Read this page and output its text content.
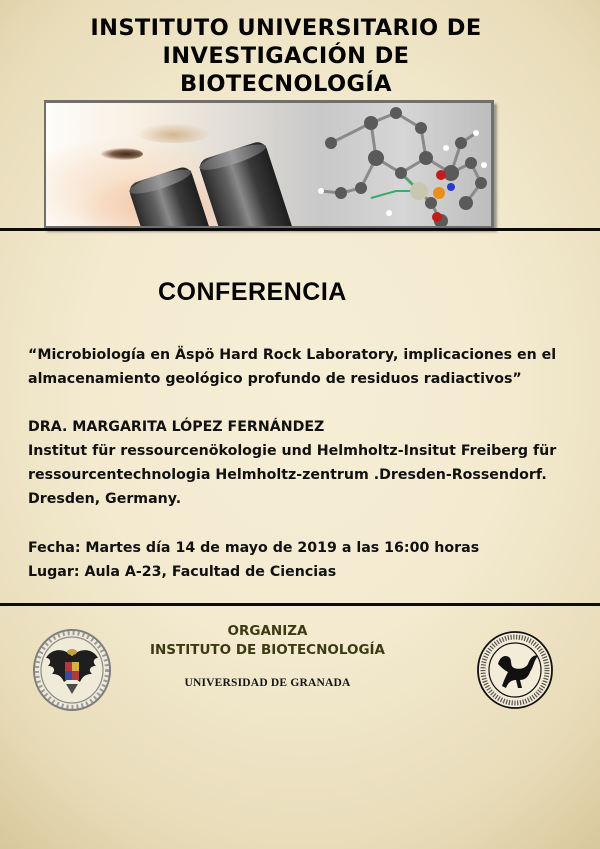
INSTITUTO UNIVERSITARIO DE
INVESTIGACIÓN DE
BIOTECNOLOGÍA
CONFERENCIA
“Microbiología en Äspö Hard Rock Laboratory, implicaciones en el
almacenamiento geológico profundo de residuos radiactivos”
DRA. MARGARITA LÓPEZ FERNÁNDEZ
Institut für ressourcenökologie und Helmholtz-Insitut Freiberg für
ressourcentechnologia Helmholtz-zentrum .Dresden-Rossendorf.
Dresden, Germany.
Fecha: Martes día 14 de mayo de 2019 a las 16:00 horas
Lugar: Aula A-23, Facultad de Ciencias
ORGANIZA
INSTITUTO DE BIOTECNOLOGÍA
UNIVERSIDAD DE GRANADA
